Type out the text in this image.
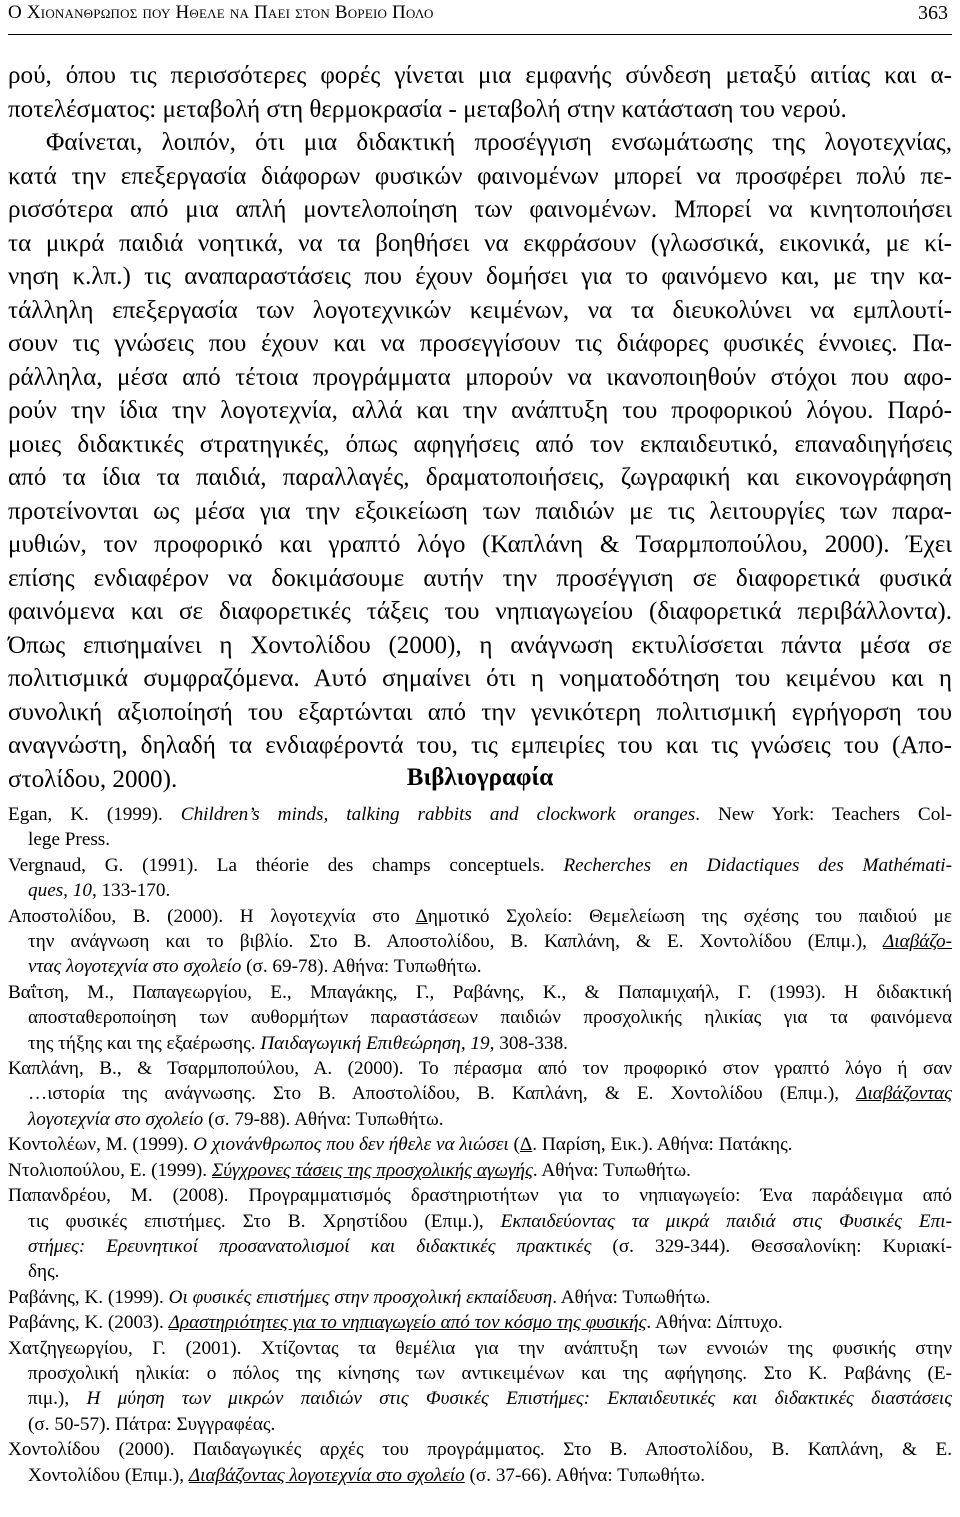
Ο Χιονανθρωπος που Ηθελε να Παει στον Βορειο Πολο	363
ρού, όπου τις περισσότερες φορές γίνεται μια εμφανής σύνδεση μεταξύ αιτίας και α-
ποτελέσματος: μεταβολή στη θερμοκρασία - μεταβολή στην κατάσταση του νερού.
Φαίνεται, λοιπόν, ότι μια διδακτική προσέγγιση ενσωμάτωσης της λογοτεχνίας,
κατά την επεξεργασία διάφορων φυσικών φαινομένων μπορεί να προσφέρει πολύ πε-
ρισσότερα από μια απλή μοντελοποίηση των φαινομένων. Μπορεί να κινητοποιήσει
τα μικρά παιδιά νοητικά, να τα βοηθήσει να εκφράσουν (γλωσσικά, εικονικά, με κί-
νηση κ.λπ.) τις αναπαραστάσεις που έχουν δομήσει για το φαινόμενο και, με την κα-
τάλληλη επεξεργασία των λογοτεχνικών κειμένων, να τα διευκολύνει να εμπλουτί-
σουν τις γνώσεις που έχουν και να προσεγγίσουν τις διάφορες φυσικές έννοιες. Πα-
ράλληλα, μέσα από τέτοια προγράμματα μπορούν να ικανοποιηθούν στόχοι που αφο-
ρούν την ίδια την λογοτεχνία, αλλά και την ανάπτυξη του προφορικού λόγου. Παρό-
μοιες διδακτικές στρατηγικές, όπως αφηγήσεις από τον εκπαιδευτικό, επαναδιηγήσεις
από τα ίδια τα παιδιά, παραλλαγές, δραματοποιήσεις, ζωγραφική και εικονογράφηση
προτείνονται ως μέσα για την εξοικείωση των παιδιών με τις λειτουργίες των παρα-
μυθιών, τον προφορικό και γραπτό λόγο (Καπλάνη & Τσαρμποπούλου, 2000). Έχει
επίσης ενδιαφέρον να δοκιμάσουμε αυτήν την προσέγγιση σε διαφορετικά φυσικά
φαινόμενα και σε διαφορετικές τάξεις του νηπιαγωγείου (διαφορετικά περιβάλλοντα).
Όπως επισημαίνει η Χοντολίδου (2000), η ανάγνωση εκτυλίσσεται πάντα μέσα σε
πολιτισμικά συμφραζόμενα. Αυτό σημαίνει ότι η νοηματοδότηση του κειμένου και η
συνολική αξιοποίησή του εξαρτώνται από την γενικότερη πολιτισμική εγρήγορση του
αναγνώστη, δηλαδή τα ενδιαφέροντά του, τις εμπειρίες του και τις γνώσεις του (Απο-
στολίδου, 2000).	Βιβλιογραφία
Egan, K. (1999). Children’s minds, talking rabbits and clockwork oranges. New York: Teachers Col-
lege Press.
Vergnaud, G. (1991). La théorie des champs conceptuels. Recherches en Didactiques des Mathémati-
ques, 10, 133-170.
Αποστολίδου, Β. (2000). Η λογοτεχνία στο Δημοτικό Σχολείο: Θεμελείωση της σχέσης του παιδιού με
την ανάγνωση και το βιβλίο. Στο Β. Αποστολίδου, Β. Καπλάνη, & Ε. Χοντολίδου (Επιμ.), Διαβάζο-
ντας λογοτεχνία στο σχολείο (σ. 69-78). Αθήνα: Τυπωθήτω.
Βαΐτση, Μ., Παπαγεωργίου, Ε., Μπαγάκης, Γ., Ραβάνης, Κ., & Παπαμιχαήλ, Γ. (1993). Η διδακτική
αποσταθεροποίηση των αυθορμήτων παραστάσεων παιδιών προσχολικής ηλικίας για τα φαινόμενα
της τήξης και της εξαέρωσης. Παιδαγωγική Επιθεώρηση, 19, 308-338.
Καπλάνη, Β., & Τσαρμποπούλου, Α. (2000). Το πέρασμα από τον προφορικό στον γραπτό λόγο ή σαν
…ιστορία της ανάγνωσης. Στο Β. Αποστολίδου, Β. Καπλάνη, & Ε. Χοντολίδου (Επιμ.), Διαβάζοντας
λογοτεχνία στο σχολείο (σ. 79-88). Αθήνα: Τυπωθήτω.
Κοντολέων, Μ. (1999). Ο χιονάνθρωπος που δεν ήθελε να λιώσει (Δ. Παρίση, Εικ.). Αθήνα: Πατάκης.
Ντολιοπούλου, Ε. (1999). Σύγχρονες τάσεις της προσχολικής αγωγής. Αθήνα: Τυπωθήτω.
Παπανδρέου, Μ. (2008). Προγραμματισμός δραστηριοτήτων για το νηπιαγωγείο: Ένα παράδειγμα από
τις φυσικές επιστήμες. Στο Β. Χρηστίδου (Επιμ.), Εκπαιδεύοντας τα μικρά παιδιά στις Φυσικές Επι-
στήμες: Ερευνητικοί προσανατολισμοί και διδακτικές πρακτικές (σ. 329-344). Θεσσαλονίκη: Κυριακί-
δης.
Ραβάνης, Κ. (1999). Οι φυσικές επιστήμες στην προσχολική εκπαίδευση. Αθήνα: Τυπωθήτω.
Ραβάνης, Κ. (2003). Δραστηριότητες για το νηπιαγωγείο από τον κόσμο της φυσικής. Αθήνα: Δίπτυχο.
Χατζηγεωργίου, Γ. (2001). Χτίζοντας τα θεμέλια για την ανάπτυξη των εννοιών της φυσικής στην
προσχολική ηλικία: ο πόλος της κίνησης των αντικειμένων και της αφήγησης. Στο Κ. Ραβάνης (Ε-
πιμ.), Η μύηση των μικρών παιδιών στις Φυσικές Επιστήμες: Εκπαιδευτικές και διδακτικές διαστάσεις
(σ. 50-57). Πάτρα: Συγγραφέας.
Χοντολίδου (2000). Παιδαγωγικές αρχές του προγράμματος. Στο Β. Αποστολίδου, Β. Καπλάνη, & Ε.
Χοντολίδου (Επιμ.), Διαβάζοντας λογοτεχνία στο σχολείο (σ. 37-66). Αθήνα: Τυπωθήτω.
